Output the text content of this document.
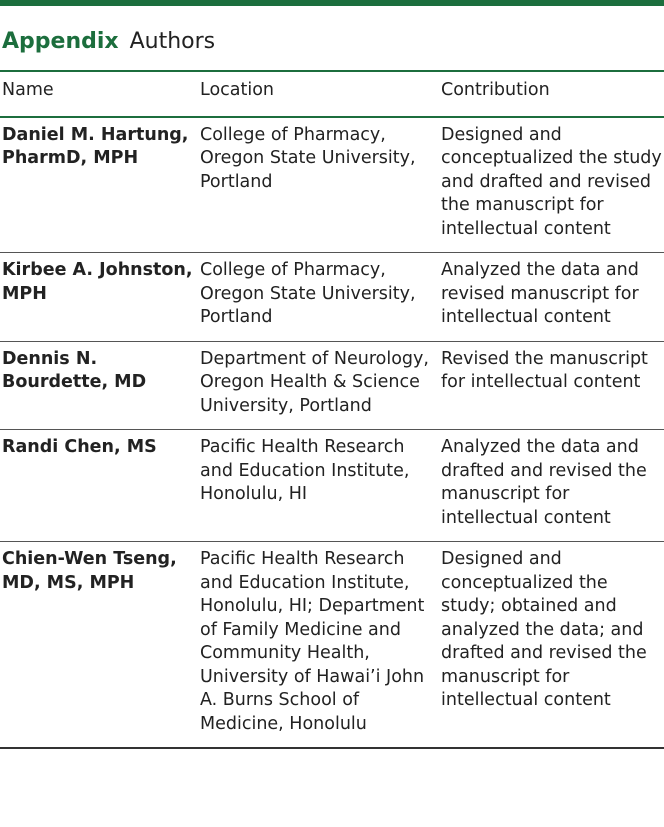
Appendix Authors
Name	Location	Contribution
Daniel M. Hartung, PharmD, MPH	College of Pharmacy, Oregon State University, Portland	Designed and conceptualized the study and drafted and revised the manuscript for intellectual content
Kirbee A. Johnston, MPH	College of Pharmacy, Oregon State University, Portland	Analyzed the data and revised manuscript for intellectual content
Dennis N. Bourdette, MD	Department of Neurology, Oregon Health & Science University, Portland	Revised the manuscript for intellectual content
Randi Chen, MS	Pacific Health Research and Education Institute, Honolulu, HI	Analyzed the data and drafted and revised the manuscript for intellectual content
Chien-Wen Tseng, MD, MS, MPH	Pacific Health Research and Education Institute, Honolulu, HI; Department of Family Medicine and Community Health, University of Hawai’i John A. Burns School of Medicine, Honolulu	Designed and conceptualized the study; obtained and analyzed the data; and drafted and revised the manuscript for intellectual content
